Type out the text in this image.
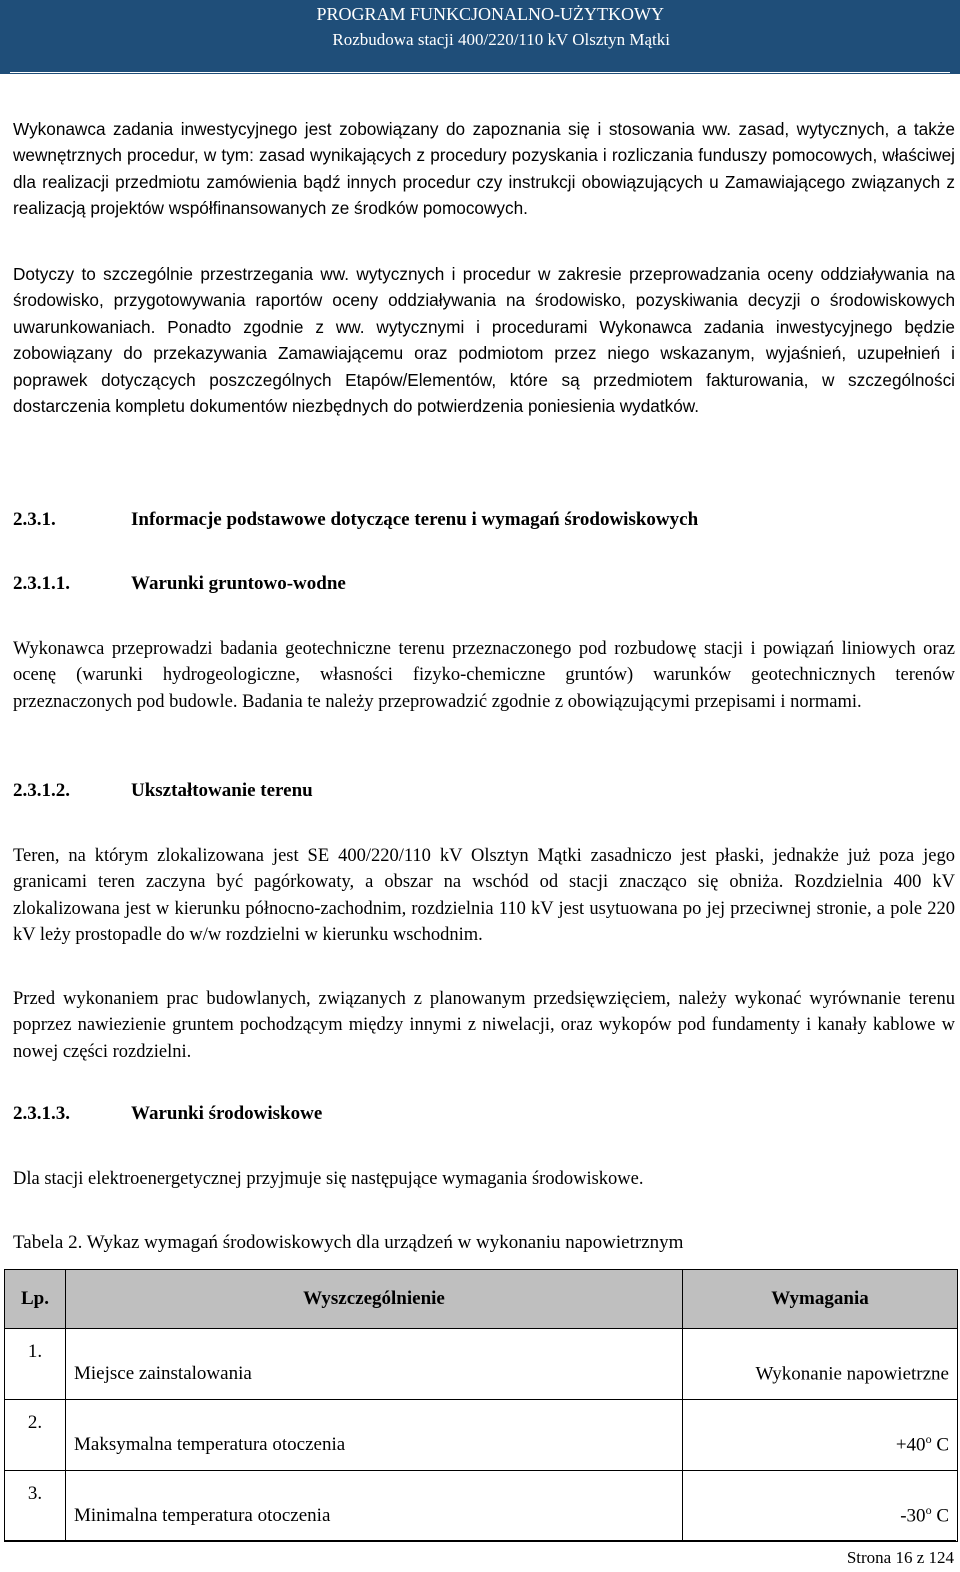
PROGRAM FUNKCJONALNO-UŻYTKOWY
Rozbudowa stacji 400/220/110 kV Olsztyn Mątki

Wykonawca zadania inwestycyjnego jest zobowiązany do zapoznania się i stosowania ww. zasad, wytycznych, a także wewnętrznych procedur, w tym: zasad wynikających z procedury pozyskania i rozliczania funduszy pomocowych, właściwej dla realizacji przedmiotu zamówienia bądź innych procedur czy instrukcji obowiązujących u Zamawiającego związanych z realizacją projektów współfinansowanych ze środków pomocowych.

Dotyczy to szczególnie przestrzegania ww. wytycznych i procedur w zakresie przeprowadzania oceny oddziaływania na środowisko, przygotowywania raportów oceny oddziaływania na środowisko, pozyskiwania decyzji o środowiskowych uwarunkowaniach. Ponadto zgodnie z ww. wytycznymi i procedurami Wykonawca zadania inwestycyjnego będzie zobowiązany do przekazywania Zamawiającemu oraz podmiotom przez niego wskazanym, wyjaśnień, uzupełnień i poprawek dotyczących poszczególnych Etapów/Elementów, które są przedmiotem fakturowania, w szczególności dostarczenia kompletu dokumentów niezbędnych do potwierdzenia poniesienia wydatków.

2.3.1.	Informacje podstawowe dotyczące terenu i wymagań środowiskowych
2.3.1.1.	Warunki gruntowo-wodne

Wykonawca przeprowadzi badania geotechniczne terenu przeznaczonego pod rozbudowę stacji i powiązań liniowych oraz ocenę (warunki hydrogeologiczne, własności fizyko-chemiczne gruntów) warunków geotechnicznych terenów przeznaczonych pod budowle. Badania te należy przeprowadzić zgodnie z obowiązującymi przepisami i normami.

2.3.1.2.	Ukształtowanie terenu

Teren, na którym zlokalizowana jest SE 400/220/110 kV Olsztyn Mątki zasadniczo jest płaski, jednakże już poza jego granicami teren zaczyna być pagórkowaty, a obszar na wschód od stacji znacząco się obniża. Rozdzielnia 400 kV zlokalizowana jest w kierunku północno-zachodnim, rozdzielnia 110 kV jest usytuowana po jej przeciwnej stronie, a pole 220 kV leży prostopadle do w/w rozdzielni w kierunku wschodnim.

Przed wykonaniem prac budowlanych, związanych z planowanym przedsięwzięciem, należy wykonać wyrównanie terenu poprzez nawiezienie gruntem pochodzącym między innymi z niwelacji, oraz wykopów pod fundamenty i kanały kablowe w nowej części rozdzielni.

2.3.1.3.	Warunki środowiskowe

Dla stacji elektroenergetycznej przyjmuje się następujące wymagania środowiskowe.

Tabela 2. Wykaz wymagań środowiskowych dla urządzeń w wykonaniu napowietrznym
Lp.	Wyszczególnienie	Wymagania
1.	Miejsce zainstalowania	Wykonanie napowietrzne
2.	Maksymalna temperatura otoczenia	$+40^o$ C
3.	Minimalna temperatura otoczenia	-30$^o$ C
Strona 16 z 124
